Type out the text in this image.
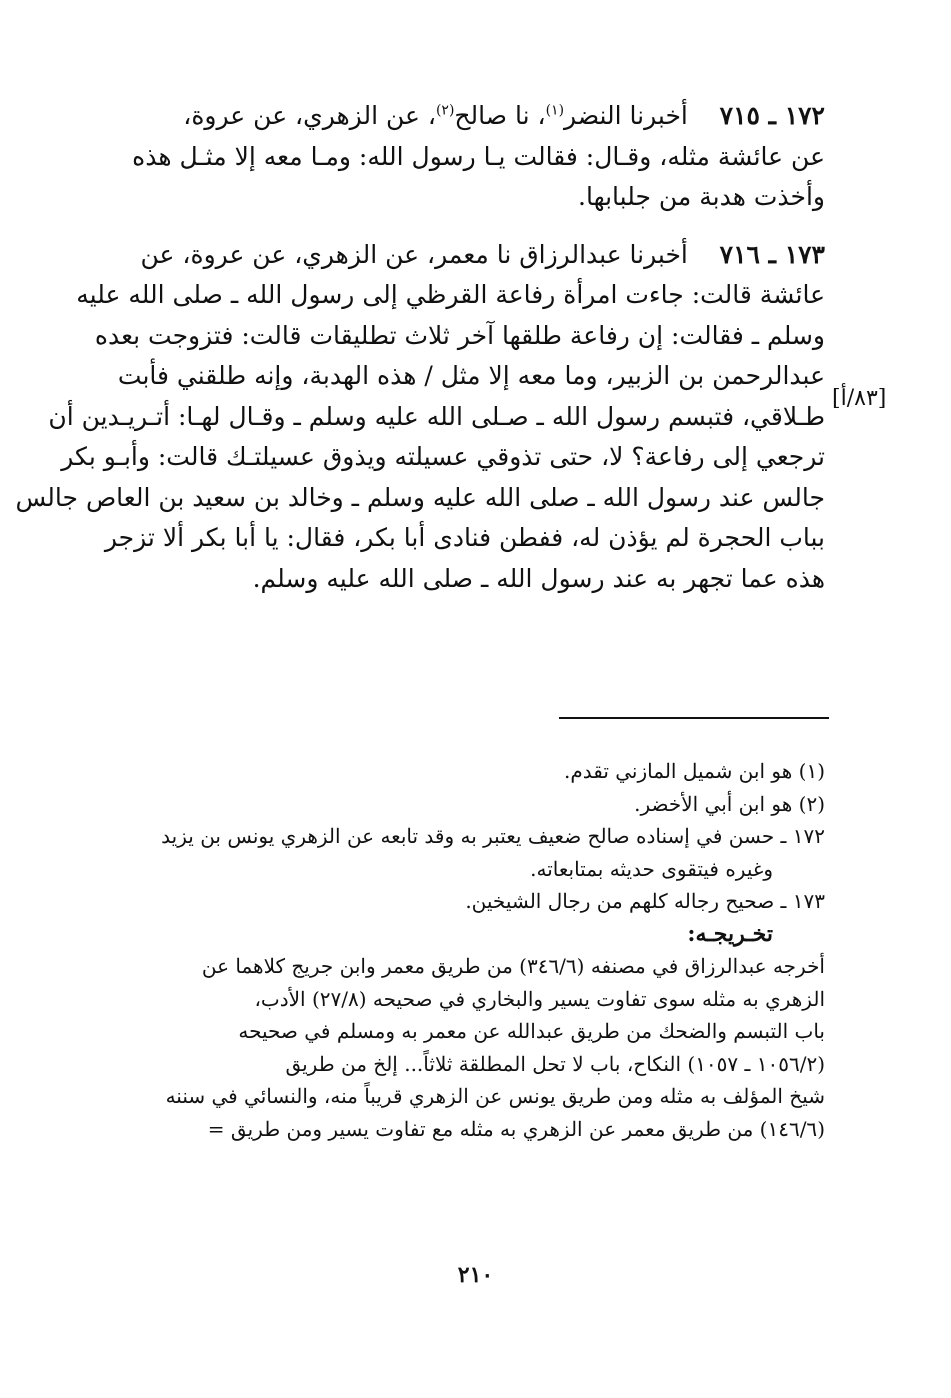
١٧٢ ـ ٧١٥    أخبرنا النضر$^{(١)}$، نا صالح$^{(٢)}$، عن الزهري، عن عروة،
عن عائشة مثله، وقـال: فقالت يـا رسول الله: ومـا معه إلا مثـل هذه
وأخذت هدبة من جلبابها.
١٧٣ ـ ٧١٦    أخبرنا عبدالرزاق نا معمر، عن الزهري، عن عروة، عن
عائشة قالت: جاءت امرأة رفاعة القرظي إلى رسول الله ـ صلى الله عليه
وسلم ـ فقالت: إن رفاعة طلقها آخر ثلاث تطليقات قالت: فتزوجت بعده
عبدالرحمن بن الزبير، وما معه إلا مثل / هذه الهدبة، وإنه طلقني فأبت
طـلاقي، فتبسم رسول الله ـ صـلى الله عليه وسلم ـ وقـال لهـا: أتـريـدين أن
ترجعي إلى رفاعة؟ لا، حتى تذوقي عسيلته ويذوق عسيلتـك قالت: وأبـو بكر
جالس عند رسول الله ـ صلى الله عليه وسلم ـ وخالد بن سعيد بن العاص جالس
بباب الحجرة لم يؤذن له، ففطن فنادى أبا بكر، فقال: يا أبا بكر ألا تزجر
هذه عما تجهر به عند رسول الله ـ صلى الله عليه وسلم.
[٨٣/أ]
(١) هو ابن شميل المازني تقدم.
(٢) هو ابن أبي الأخضر.
١٧٢ ـ حسن في إسناده صالح ضعيف يعتبر به وقد تابعه عن الزهري يونس بن يزيد
وغيره فيتقوى حديثه بمتابعاته.
١٧٣ ـ صحيح رجاله كلهم من رجال الشيخين.
تخـريجـه:
أخرجه عبدالرزاق في مصنفه (٣٤٦/٦) من طريق معمر وابن جريج كلاهما عن
الزهري به مثله سوى تفاوت يسير والبخاري في صحيحه (٢٧/٨) الأدب،
باب التبسم والضحك من طريق عبدالله عن معمر به ومسلم في صحيحه
(١٠٥٦/٢ ـ ١٠٥٧) النكاح، باب لا تحل المطلقة ثلاثاً... إلخ من طريق
شيخ المؤلف به مثله ومن طريق يونس عن الزهري قريباً منه، والنسائي في سننه
(١٤٦/٦) من طريق معمر عن الزهري به مثله مع تفاوت يسير ومن طريق =
٢١٠
